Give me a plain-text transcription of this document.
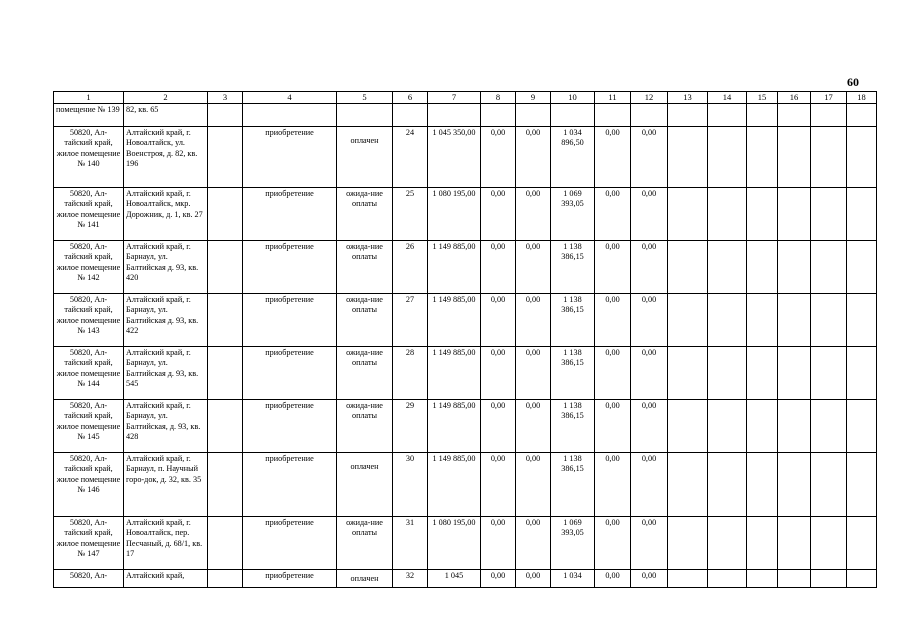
60
1	2	3	4	5	6	7	8	9	10	11	12	13	14	15	16	17	18
помещение № 139	82, кв. 65																
50820, Ал-тайский край, жилое помещение № 140	Алтайский край, г. Новоалтайск, ул. Военстроя, д. 82, кв. 196		приобретение	оплачен	24	1 045 350,00	0,00	0,00	1 034 896,50	0,00	0,00						
50820, Ал-тайский край, жилое помещение № 141	Алтайский край, г. Новоалтайск, мкр. Дорожник, д. 1, кв. 27		приобретение	ожида-ние оплаты	25	1 080 195,00	0,00	0,00	1 069 393,05	0,00	0,00						
50820, Ал-тайский край, жилое помещение № 142	Алтайский край, г. Барнаул, ул. Балтийская д. 93, кв. 420		приобретение	ожида-ние оплаты	26	1 149 885,00	0,00	0,00	1 138 386,15	0,00	0,00						
50820, Ал-тайский край, жилое помещение № 143	Алтайский край, г. Барнаул, ул. Балтийская д. 93, кв. 422		приобретение	ожида-ние оплаты	27	1 149 885,00	0,00	0,00	1 138 386,15	0,00	0,00						
50820, Ал-тайский край, жилое помещение № 144	Алтайский край, г. Барнаул, ул. Балтийская д. 93, кв. 545		приобретение	ожида-ние оплаты	28	1 149 885,00	0,00	0,00	1 138 386,15	0,00	0,00						
50820, Ал-тайский край, жилое помещение № 145	Алтайский край, г. Барнаул, ул. Балтийская, д. 93, кв. 428		приобретение	ожида-ние оплаты	29	1 149 885,00	0,00	0,00	1 138 386,15	0,00	0,00						
50820, Ал-тайский край, жилое помещение № 146	Алтайский край, г. Барнаул, п. Научный горо-док, д. 32, кв. 35		приобретение	оплачен	30	1 149 885,00	0,00	0,00	1 138 386,15	0,00	0,00						
50820, Ал-тайский край, жилое помещение № 147	Алтайский край, г. Новоалтайск, пер. Песчаный, д. 68/1, кв. 17		приобретение	ожида-ние оплаты	31	1 080 195,00	0,00	0,00	1 069 393,05	0,00	0,00						
50820, Ал-	Алтайский край,		приобретение	оплачен	32	1 045	0,00	0,00	1 034	0,00	0,00						
